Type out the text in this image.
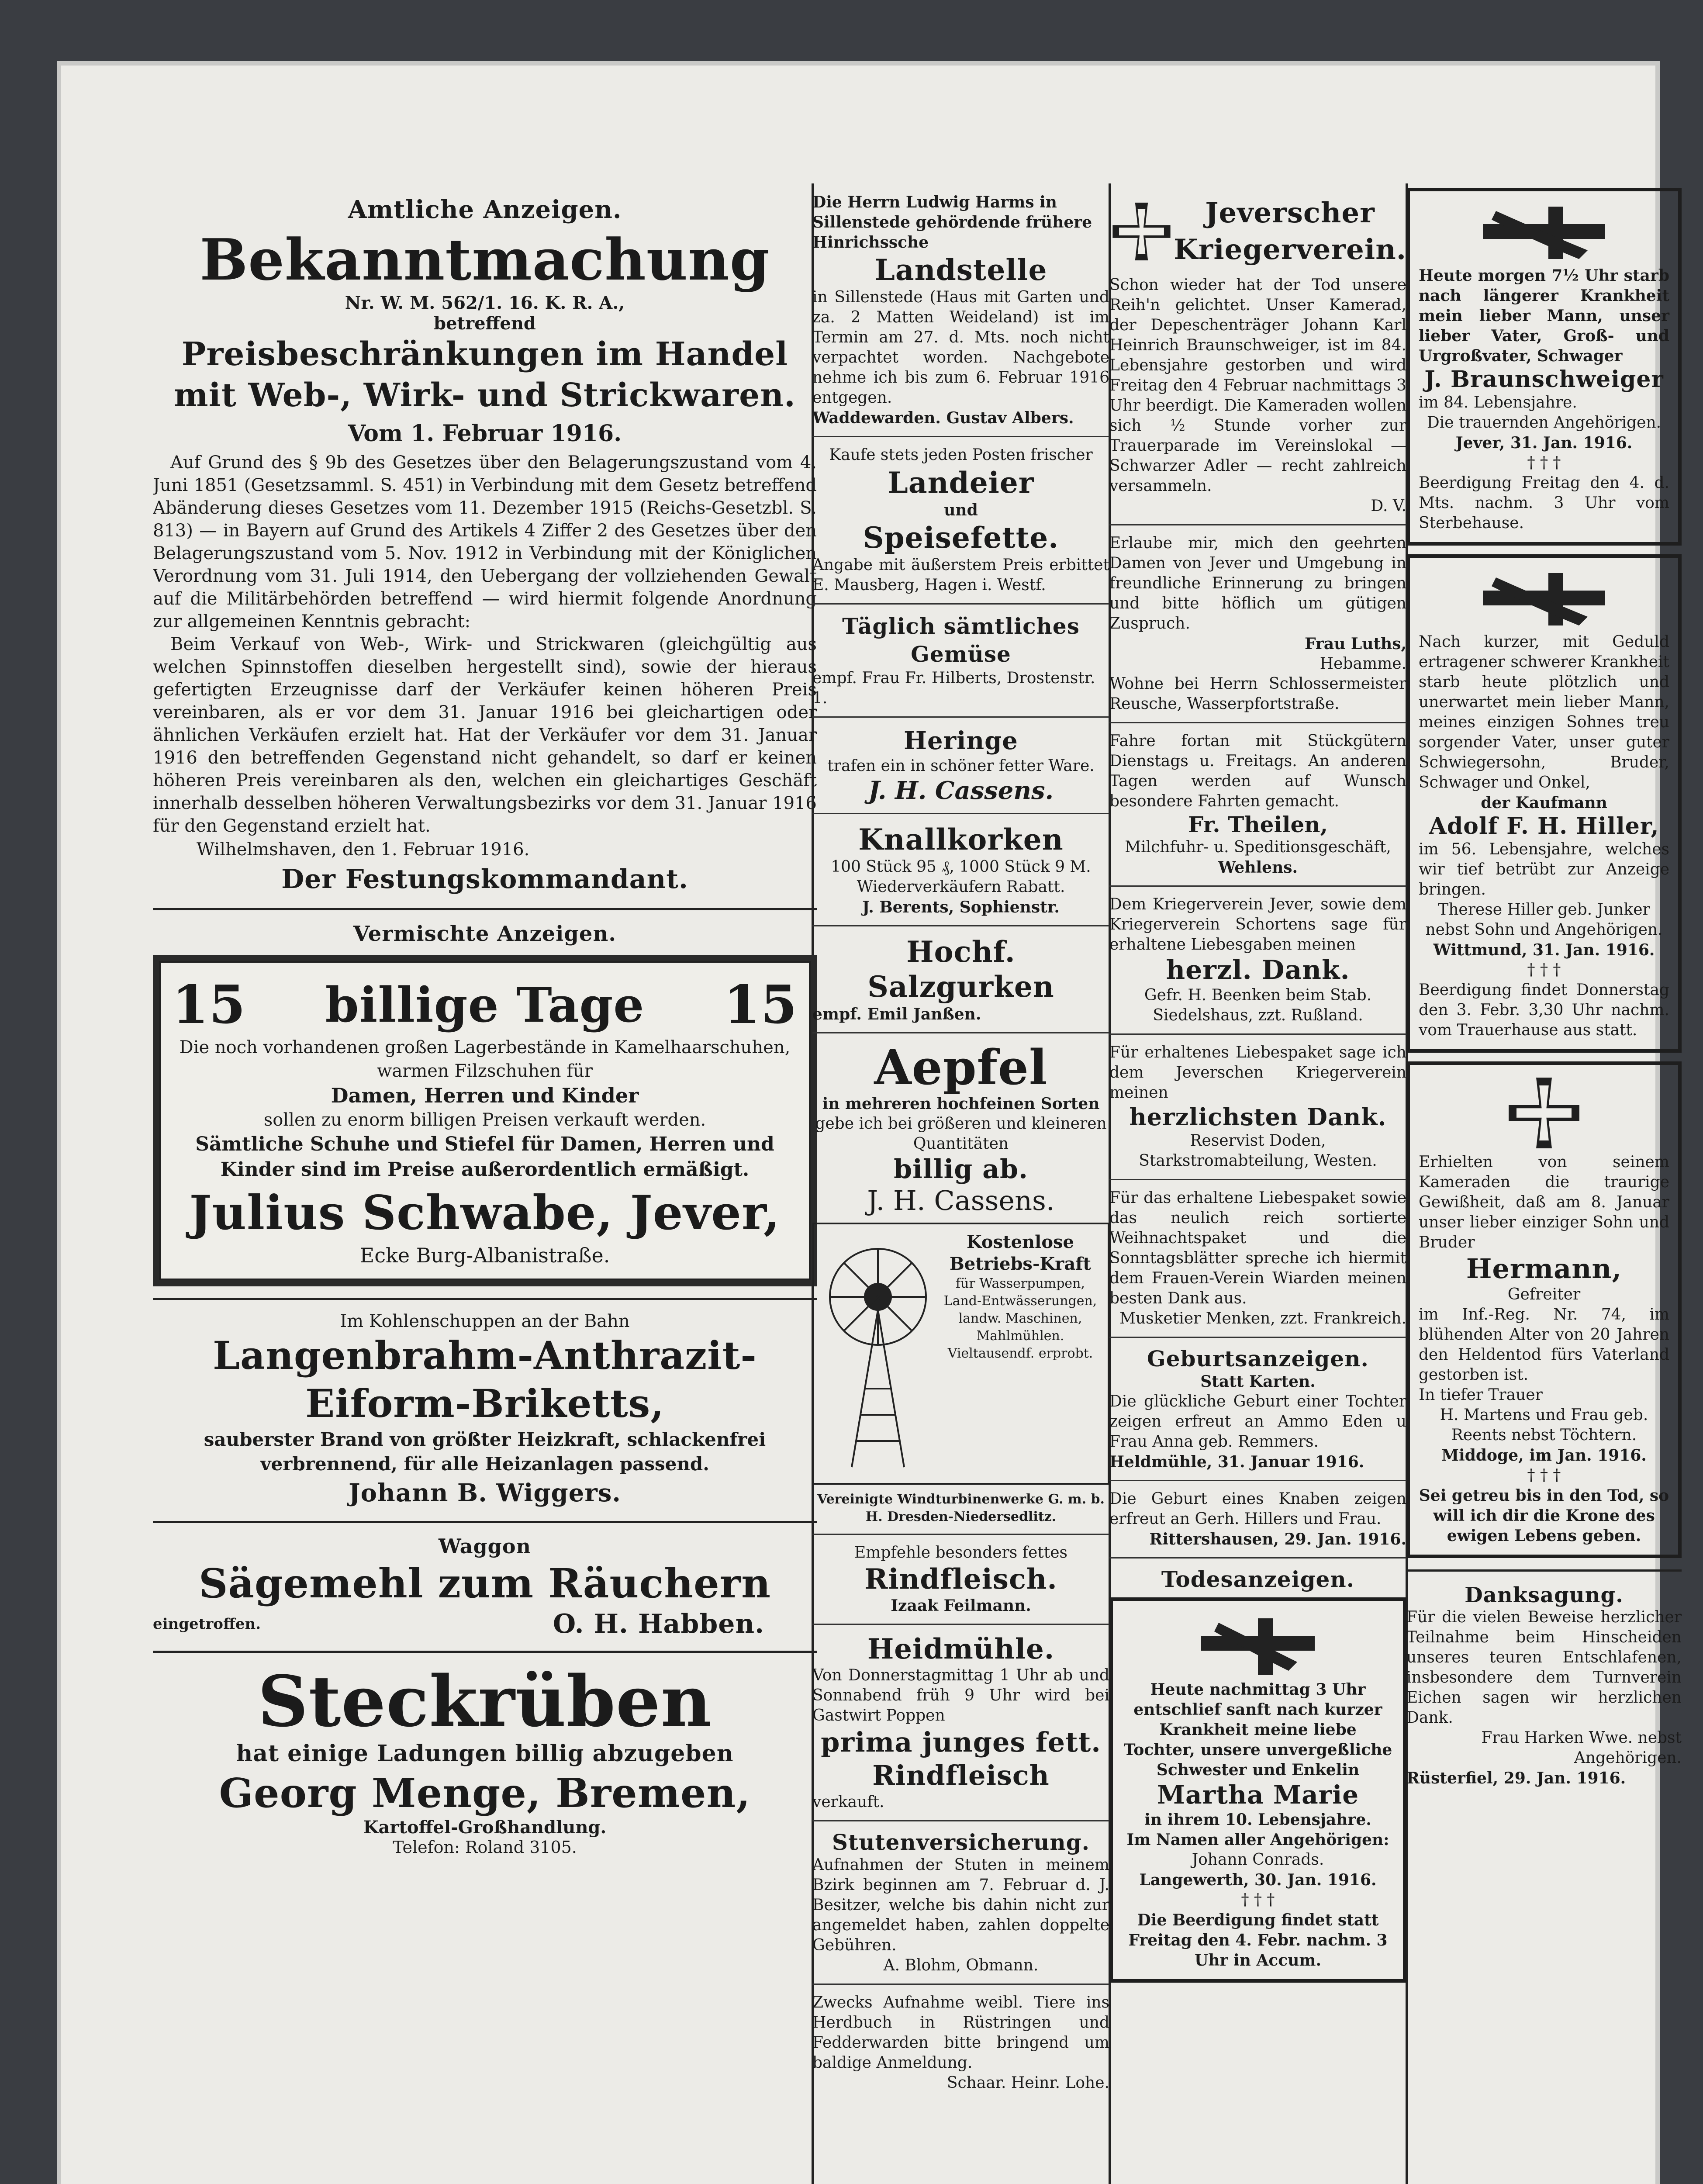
Amtliche Anzeigen.
Bekanntmachung
Nr. W. M. 562/1. 16. K. R. A.,
betreffend
Preisbeschränkungen im Handel mit Web-, Wirk- und Strickwaren.
Vom 1. Februar 1916.

Auf Grund des § 9b des Gesetzes über den Belagerungszustand vom 4. Juni 1851 (Gesetzsamml. S. 451) in Verbindung mit dem Gesetz betreffend Abänderung dieses Gesetzes vom 11. Dezember 1915 (Reichs-Gesetzbl. S. 813) — in Bayern auf Grund des Artikels 4 Ziffer 2 des Gesetzes über den Belagerungszustand vom 5. Nov. 1912 in Verbindung mit der Königlichen Verordnung vom 31. Juli 1914, den Uebergang der vollziehenden Gewalt auf die Militärbehörden betreffend — wird hiermit folgende Anordnung zur allgemeinen Kenntnis gebracht:

Beim Verkauf von Web-, Wirk- und Strickwaren (gleichgültig aus welchen Spinnstoffen dieselben hergestellt sind), sowie der hieraus gefertigten Erzeugnisse darf der Verkäufer keinen höheren Preis vereinbaren, als er vor dem 31. Januar 1916 bei gleichartigen oder ähnlichen Verkäufen erzielt hat. Hat der Verkäufer vor dem 31. Januar 1916 den betreffenden Gegenstand nicht gehandelt, so darf er keinen höheren Preis vereinbaren als den, welchen ein gleichartiges Geschäft innerhalb desselben höheren Verwaltungsbezirks vor dem 31. Januar 1916 für den Gegenstand erzielt hat.

Wilhelmshaven, den 1. Februar 1916.

Der Festungskommandant.
Vermischte Anzeigen.
15 billige Tage 15

Die noch vorhandenen großen Lagerbestände in Kamelhaarschuhen, warmen Filzschuhen für

Damen, Herren und Kinder

sollen zu enorm billigen Preisen verkauft werden.

Sämtliche Schuhe und Stiefel für Damen, Herren und Kinder sind im Preise außerordentlich ermäßigt.

Julius Schwabe, Jever,
Ecke Burg-Albanistraße.
Im Kohlenschuppen an der Bahn
Langenbrahm-Anthrazit-Eiform-Briketts,

sauberster Brand von größter Heizkraft, schlackenfrei verbrennend, für alle Heizanlagen passend.

Johann B. Wiggers.
Waggon
Sägemehl zum Räuchern
eingetroffen.	O. H. Habben.
Steckrüben
hat einige Ladungen billig abzugeben
Georg Menge, Bremen,
Kartoffel-Großhandlung.
Telefon: Roland 3105.

Die Herrn Ludwig Harms in Sillenstede gehördende frühere Hinrichssche

Landstelle

in Sillenstede (Haus mit Garten und za. 2 Matten Weideland) ist im Termin am 27. d. Mts. noch nicht verpachtet worden. Nachgebote nehme ich bis zum 6. Februar 1916 entgegen.

Waddewarden. Gustav Albers.

Kaufe stets jeden Posten frischer

Landeier
und
Speisefette.

Angabe mit äußerstem Preis erbittet E. Mausberg, Hagen i. Westf.

Täglich sämtliches Gemüse

empf. Frau Fr. Hilberts, Drostenstr. 1.

Heringe

trafen ein in schöner fetter Ware.

J. H. Cassens.
Knallkorken

100 Stück 95 ₰, 1000 Stück 9 M. Wiederverkäufern Rabatt.

J. Berents, Sophienstr.

Hochf. Salzgurken

empf. Emil Janßen.

Aepfel

in mehreren hochfeinen Sorten

gebe ich bei größeren und kleineren Quantitäten

billig ab.
J. H. Cassens.

Kostenlose Betriebs-Kraft

für Wasserpumpen, Land-Entwässerungen, landw. Maschinen, Mahlmühlen. Vieltausendf. erprobt.

Vereinigte Windturbinenwerke G. m. b. H. Dresden-Niedersedlitz.

Empfehle besonders fettes

Rindfleisch.

Izaak Feilmann.

Heidmühle.

Von Donnerstagmittag 1 Uhr ab und Sonnabend früh 9 Uhr wird bei Gastwirt Poppen

prima junges fett. Rindfleisch

verkauft.

Stutenversicherung.

Aufnahmen der Stuten in meinem Bzirk beginnen am 7. Februar d. J. Besitzer, welche bis dahin nicht zur angemeldet haben, zahlen doppelte Gebühren.

A. Blohm, Obmann.

Zwecks Aufnahme weibl. Tiere ins Herdbuch in Rüstringen und Fedderwarden bitte bringend um baldige Anmeldung.

Schaar. Heinr. Lohe.

Jeverscher Kriegerverein.

Schon wieder hat der Tod unsere Reih'n gelichtet. Unser Kamerad, der Depeschenträger Johann Karl Heinrich Braunschweiger, ist im 84. Lebensjahre gestorben und wird Freitag den 4 Februar nachmittags 3 Uhr beerdigt. Die Kameraden wollen sich ½ Stunde vorher zur Trauerparade im Vereinslokal — Schwarzer Adler — recht zahlreich versammeln.

D. V.

Erlaube mir, mich den geehrten Damen von Jever und Umgebung in freundliche Erinnerung zu bringen und bitte höflich um gütigen Zuspruch.

Frau Luths,

Hebamme.

Wohne bei Herrn Schlossermeister Reusche, Wasserpfortstraße.

Fahre fortan mit Stückgütern Dienstags u. Freitags. An anderen Tagen werden auf Wunsch besondere Fahrten gemacht.

Fr. Theilen,

Milchfuhr- u. Speditionsgeschäft,

Wehlens.

Dem Kriegerverein Jever, sowie dem Kriegerverein Schortens sage für erhaltene Liebesgaben meinen

herzl. Dank.

Gefr. H. Beenken beim Stab. Siedelshaus, zzt. Rußland.

Für erhaltenes Liebespaket sage ich dem Jeverschen Kriegerverein meinen

herzlichsten Dank.

Reservist Doden, Starkstromabteilung, Westen.

Für das erhaltene Liebespaket sowie das neulich reich sortierte Weihnachtspaket und die Sonntagsblätter spreche ich hiermit dem Frauen-Verein Wiarden meinen besten Dank aus.

Musketier Menken, zzt. Frankreich.

Geburtsanzeigen.

Statt Karten.

Die glückliche Geburt einer Tochter zeigen erfreut an Ammo Eden u Frau Anna geb. Remmers.

Heldmühle, 31. Januar 1916.

Die Geburt eines Knaben zeigen erfreut an Gerh. Hillers und Frau.

Rittershausen, 29. Jan. 1916.

Todesanzeigen.

Heute nachmittag 3 Uhr entschlief sanft nach kurzer Krankheit meine liebe Tochter, unsere unvergeßliche Schwester und Enkelin

Martha Marie

in ihrem 10. Lebensjahre.

Im Namen aller Angehörigen:

Johann Conrads.

Langewerth, 30. Jan. 1916.

† † †

Die Beerdigung findet statt Freitag den 4. Febr. nachm. 3 Uhr in Accum.

Heute morgen 7½ Uhr starb nach längerer Krankheit mein lieber Mann, unser lieber Vater, Groß- und Urgroßvater, Schwager

J. Braunschweiger

im 84. Lebensjahre.

Die trauernden Angehörigen.

Jever, 31. Jan. 1916.

† † †

Beerdigung Freitag den 4. d. Mts. nachm. 3 Uhr vom Sterbehause.

Nach kurzer, mit Geduld ertragener schwerer Krankheit starb heute plötzlich und unerwartet mein lieber Mann, meines einzigen Sohnes treu sorgender Vater, unser guter Schwiegersohn, Bruder, Schwager und Onkel,

der Kaufmann

Adolf F. H. Hiller,

im 56. Lebensjahre, welches wir tief betrübt zur Anzeige bringen.

Therese Hiller geb. Junker nebst Sohn und Angehörigen.

Wittmund, 31. Jan. 1916.

† † †

Beerdigung findet Donnerstag den 3. Febr. 3,30 Uhr nachm. vom Trauerhause aus statt.

Erhielten von seinem Kameraden die traurige Gewißheit, daß am 8. Januar unser lieber einziger Sohn und Bruder

Hermann,

Gefreiter

im Inf.-Reg. Nr. 74, im blühenden Alter von 20 Jahren den Heldentod fürs Vaterland gestorben ist.

In tiefer Trauer

H. Martens und Frau geb. Reents nebst Töchtern.

Middoge, im Jan. 1916.

† † †

Sei getreu bis in den Tod, so will ich dir die Krone des ewigen Lebens geben.

Danksagung.

Für die vielen Beweise herzlicher Teilnahme beim Hinscheiden unseres teuren Entschlafenen, insbesondere dem Turnverein Eichen sagen wir herzlichen Dank.

Frau Harken Wwe. nebst Angehörigen.

Rüsterfiel, 29. Jan. 1916.
